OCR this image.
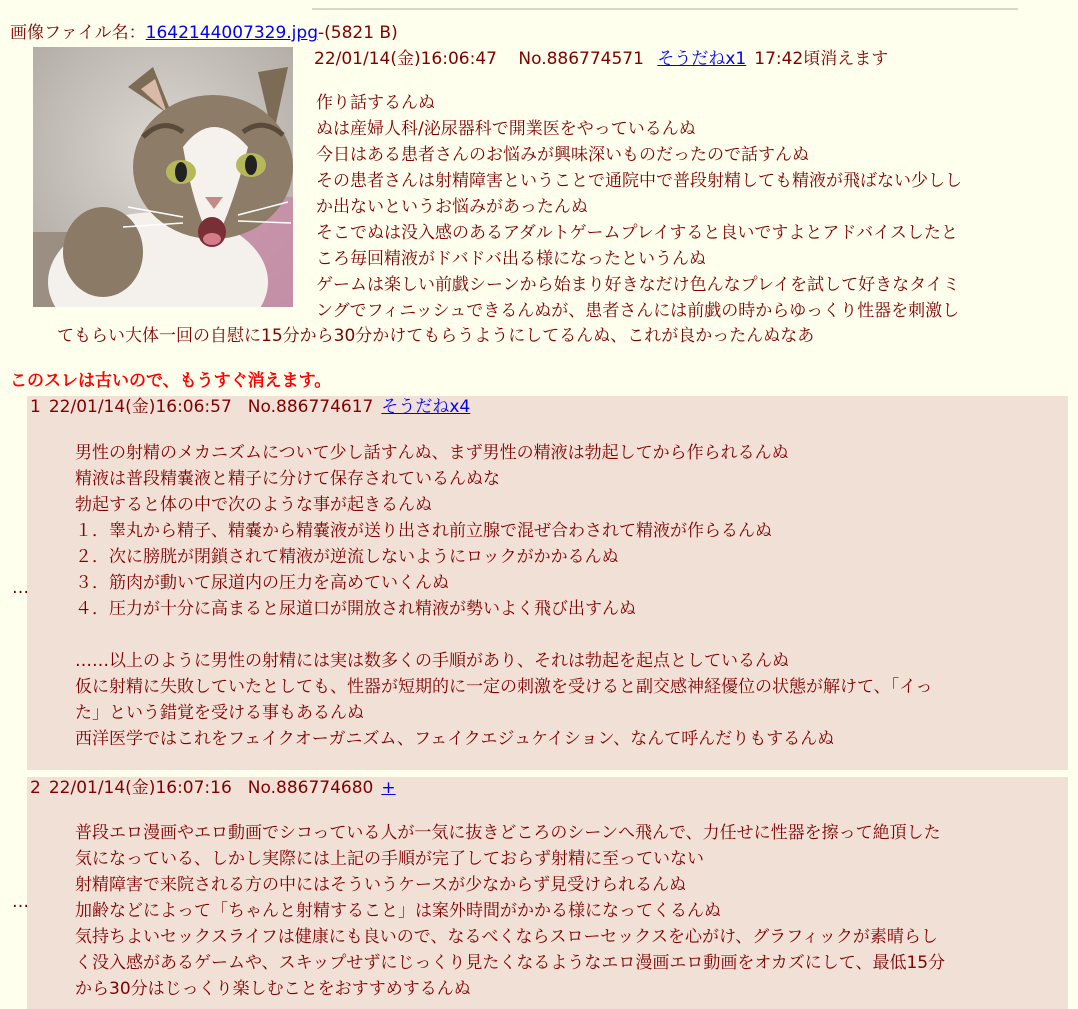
画像ファイル名：1642144007329.jpg-(5821 B)
22/01/14(金)16:06:47 No.886774571 そうだねx1 17:42頃消えます
作り話するんぬ
ぬは産婦人科/泌尿器科で開業医をやっているんぬ
今日はある患者さんのお悩みが興味深いものだったので話すんぬ
その患者さんは射精障害ということで通院中で普段射精しても精液が飛ばない少しし
か出ないというお悩みがあったんぬ
そこでぬは没入感のあるアダルトゲームプレイすると良いですよとアドバイスしたと
ころ毎回精液がドバドバ出る様になったというんぬ
ゲームは楽しい前戯シーンから始まり好きなだけ色んなプレイを試して好きなタイミ
ングでフィニッシュできるんぬが、患者さんには前戯の時からゆっくり性器を刺激し
てもらい大体一回の自慰に15分から30分かけてもらうようにしてるんぬ、これが良かったんぬなあ
このスレは古いので、もうすぐ消えます。
1 22/01/14(金)16:06:57 No.886774617 そうだねx4
男性の射精のメカニズムについて少し話すんぬ、まず男性の精液は勃起してから作られるんぬ
精液は普段精嚢液と精子に分けて保存されているんぬな
勃起すると体の中で次のような事が起きるんぬ
１．睾丸から精子、精嚢から精嚢液が送り出され前立腺で混ぜ合わされて精液が作らるんぬ
２．次に膀胱が閉鎖されて精液が逆流しないようにロックがかかるんぬ
３．筋肉が動いて尿道内の圧力を高めていくんぬ
４．圧力が十分に高まると尿道口が開放され精液が勢いよく飛び出すんぬ
……以上のように男性の射精には実は数多くの手順があり、それは勃起を起点としているんぬ
仮に射精に失敗していたとしても、性器が短期的に一定の刺激を受けると副交感神経優位の状態が解けて、「イっ
た」という錯覚を受ける事もあるんぬ
西洋医学ではこれをフェイクオーガニズム、フェイクエジュケイション、なんて呼んだりもするんぬ
…
2 22/01/14(金)16:07:16 No.886774680 +
普段エロ漫画やエロ動画でシコっている人が一気に抜きどころのシーンへ飛んで、力任せに性器を擦って絶頂した
気になっている、しかし実際には上記の手順が完了しておらず射精に至っていない
射精障害で来院される方の中にはそういうケースが少なからず見受けられるんぬ
加齢などによって「ちゃんと射精すること」は案外時間がかかる様になってくるんぬ
気持ちよいセックスライフは健康にも良いので、なるべくならスローセックスを心がけ、グラフィックが素晴らし
く没入感があるゲームや、スキップせずにじっくり見たくなるようなエロ漫画エロ動画をオカズにして、最低15分
から30分はじっくり楽しむことをおすすめするんぬ
…
